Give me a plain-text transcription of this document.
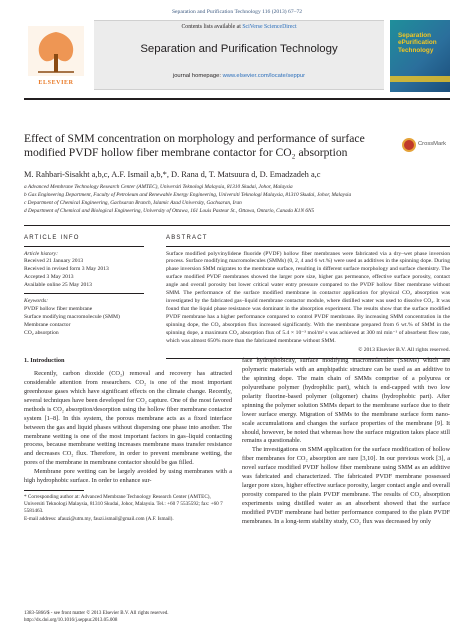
Separation and Purification Technology 116 (2013) 67–72
ELSEVIER
Contents lists available at SciVerse ScienceDirect
Separation and Purification Technology
journal homepage: www.elsevier.com/locate/seppur
Separation ePurification Technology
Effect of SMM concentration on morphology and performance of surface modified PVDF hollow fiber membrane contactor for CO₂ absorption
CrossMark
M. Rahbari-Sisakht a,b,c, A.F. Ismail a,b,*, D. Rana d, T. Matsuura d, D. Emadzadeh a,c
a Advanced Membrane Technology Research Center (AMTEC), Universiti Teknologi Malaysia, 81310 Skudai, Johor, Malaysia
b Gas Engineering Department, Faculty of Petroleum and Renewable Energy Engineering, Universiti Teknologi Malaysia, 81310 Skudai, Johor, Malaysia
c Department of Chemical Engineering, Gachsaran Branch, Islamic Azad University, Gachsaran, Iran
d Department of Chemical and Biological Engineering, University of Ottawa, 161 Louis Pasteur St., Ottawa, Ontario, Canada K1N 6N5
ARTICLE INFO
Article history:
Received 21 January 2013
Received in revised form 3 May 2013
Accepted 3 May 2013
Available online 25 May 2013
Keywords:
PVDF hollow fiber membrane
Surface modifying macromolecule (SMM)
Membrane contactor
CO₂ absorption
ABSTRACT
Surface modified polyvinylidene fluoride (PVDF) hollow fiber membranes were fabricated via a dry–wet phase inversion process. Surface modifying macromolecules (SMMs) (0, 2, 4 and 6 wt.%) were used as additives in the spinning dope. During phase inversion SMM migrates to the membrane surface, resulting in different surface morphology and surface chemistry. The surface modified PVDF membranes showed the larger pore size, higher gas permeance, effective surface porosity, contact angle and overall porosity but lower critical water entry pressure compared to the PVDF hollow fiber membrane without SMM. The performance of the surface modified membrane in contactor application for physical CO₂ absorption was investigated by the fabricated gas–liquid membrane contactor module, where distilled water was used to dissolve CO₂. It was found that the liquid phase resistance was dominant in the absorption experiment. The results show that the surface modified PVDF membrane has a higher performance compared to control PVDF membrane. By increasing SMM concentration in the spinning dope, the CO₂ absorption flux increased significantly. With the membrane prepared from 6 wt.% of SMM in the spinning dope, a maximum CO₂ absorption flux of 5.4 × 10⁻³ mol/m² s was achieved at 300 ml min⁻¹ of absorbent flow rate, which was almost 650% more than the fabricated membrane without SMM.
© 2013 Elsevier B.V. All rights reserved.
1. Introduction

Recently, carbon dioxide (CO₂) removal and recovery has attracted considerable attention from researchers. CO₂ is one of the most important greenhouse gases which have significant effects on the climate change. Recently, several techniques have been developed for CO₂ capture. One of the most favored methods is CO₂ absorption/desorption using the hollow fiber membrane contactor system [1–8]. In this system, the porous membrane acts as a fixed interface between the gas and liquid phases without dispersing one phase into another. The membrane wetting is one of the most important factors in gas–liquid contacting process, because membrane wetting increases membrane mass transfer resistance and decreases CO₂ flux. Therefore, in order to prevent membrane wetting, the pores of the membrane in membrane contactor should be gas filled.

Membrane pore wetting can be largely avoided by using membranes with a high hydrophobic surface. In order to enhance sur-

* Corresponding author at: Advanced Membrane Technology Research Center (AMTEC), Universiti Teknologi Malaysia, 81310 Skudai, Johor, Malaysia. Tel.: +60 7 5535592; fax: +60 7 5581463.
E-mail address: afauzi@utm.my, fauzi.ismail@gmail.com (A.F. Ismail).
1383-5866/$ - see front matter © 2013 Elsevier B.V. All rights reserved.
http://dx.doi.org/10.1016/j.seppur.2013.05.008

face hydrophobicity, surface modifying macromolecules (SMMs) which are polymeric materials with an amphipathic structure can be used as an additive to the spinning dope. The main chain of SMMs comprise of a polyurea or polyurethane polymer (hydrophilic part), which is end-capped with two low polarity fluorine-based polymer (oligomer) chains (hydrophobic part). After spinning the polymer solution SMMs depart to the membrane surface due to their lower surface energy. Migration of SMMs to the membrane surface form nano-scale accumulations and changes the surface properties of the membrane [9]. It should, however, be noted that whereas how the surface migration takes place still remains a questionable.

The investigations on SMM application for the surface modification of hollow fiber membranes for CO₂ absorption are rare [3,10]. In our previous work [3], a novel surface modified PVDF hollow fiber membrane using SMM as an additive was fabricated and characterized. The fabricated PVDF membrane possessed larger pore sizes, higher effective surface porosity, larger contact angle and overall porosity compared to the plain PVDF membrane. The results of CO₂ absorption experiments using distilled water as an absorbent showed that the surface modified PVDF membrane had better performance compared to the plain PVDF membranes. In a long-term stability study, CO₂ flux was decreased by only
